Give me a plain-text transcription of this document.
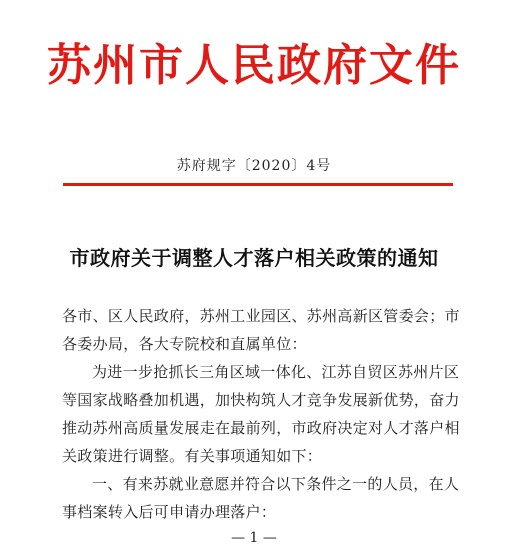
苏州市人民政府文件
苏府规字〔2020〕4号
市政府关于调整人才落户相关政策的通知
各市、区人民政府，苏州工业园区、苏州高新区管委会；市各委办局，各大专院校和直属单位：
为进一步抢抓长三角区域一体化、江苏自贸区苏州片区等国家战略叠加机遇，加快构筑人才竞争发展新优势，奋力推动苏州高质量发展走在最前列，市政府决定对人才落户相关政策进行调整。有关事项通知如下：
一、有来苏就业意愿并符合以下条件之一的人员，在人事档案转入后可申请办理落户：
— 1 —
